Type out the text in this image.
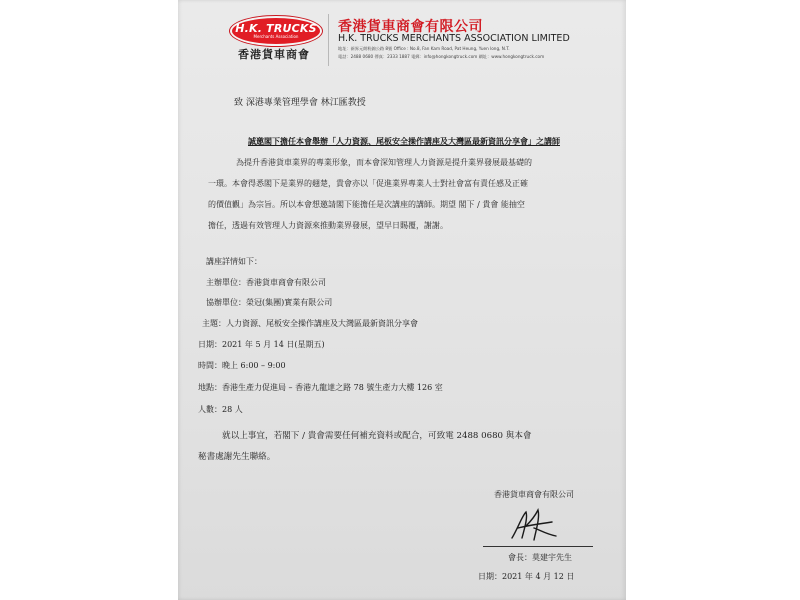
H.K. TRUCKS
Merchants Association
香港貨車商會
香港貨車商會有限公司
H.K. TRUCKS MERCHANTS ASSOCIATION LIMITED
地址：新界元朗粉錦公路 8號 Office : No.8, Fan Kam Road, Pat Heung, Yuen long, N.T.
電話：2488 0680 傳真：2333 1887 電郵：info@hongkongtruck.com 網址：www.hongkongtruck.com
致 深港專業管理學會 林江匯教授
誠邀閣下擔任本會舉辦「人力資源、尾板安全操作講座及大灣區最新資訊分享會」之講師
為提升香港貨車業界的專業形象，而本會深知管理人力資源是提升業界發展最基礎的
一環。本會得悉閣下是業界的翹楚，貴會亦以「促進業界專業人士對社會富有責任感及正確
的價值觀」為宗旨。所以本會想邀請閣下能擔任是次講座的講師。期望 閣下 / 貴會 能抽空
擔任，透過有效管理人力資源來推動業界發展，望早日賜覆，謝謝。
講座詳情如下：
主辦單位：香港貨車商會有限公司
協辦單位：榮冠(集團)實業有限公司
主題：人力資源、尾板安全操作講座及大灣區最新資訊分享會
日期：2021 年 5 月 14 日(星期五)
時間：晚上 6:00 – 9:00
地點：香港生產力促進局 – 香港九龍達之路 78 號生產力大樓 126 室
人數：28 人
就以上事宜，若閣下 / 貴會需要任何補充資料或配合，可致電 2488 0680 與本會
秘書處謝先生聯絡。
香港貨車商會有限公司
會長：莫建宇先生
日期：2021 年 4 月 12 日
